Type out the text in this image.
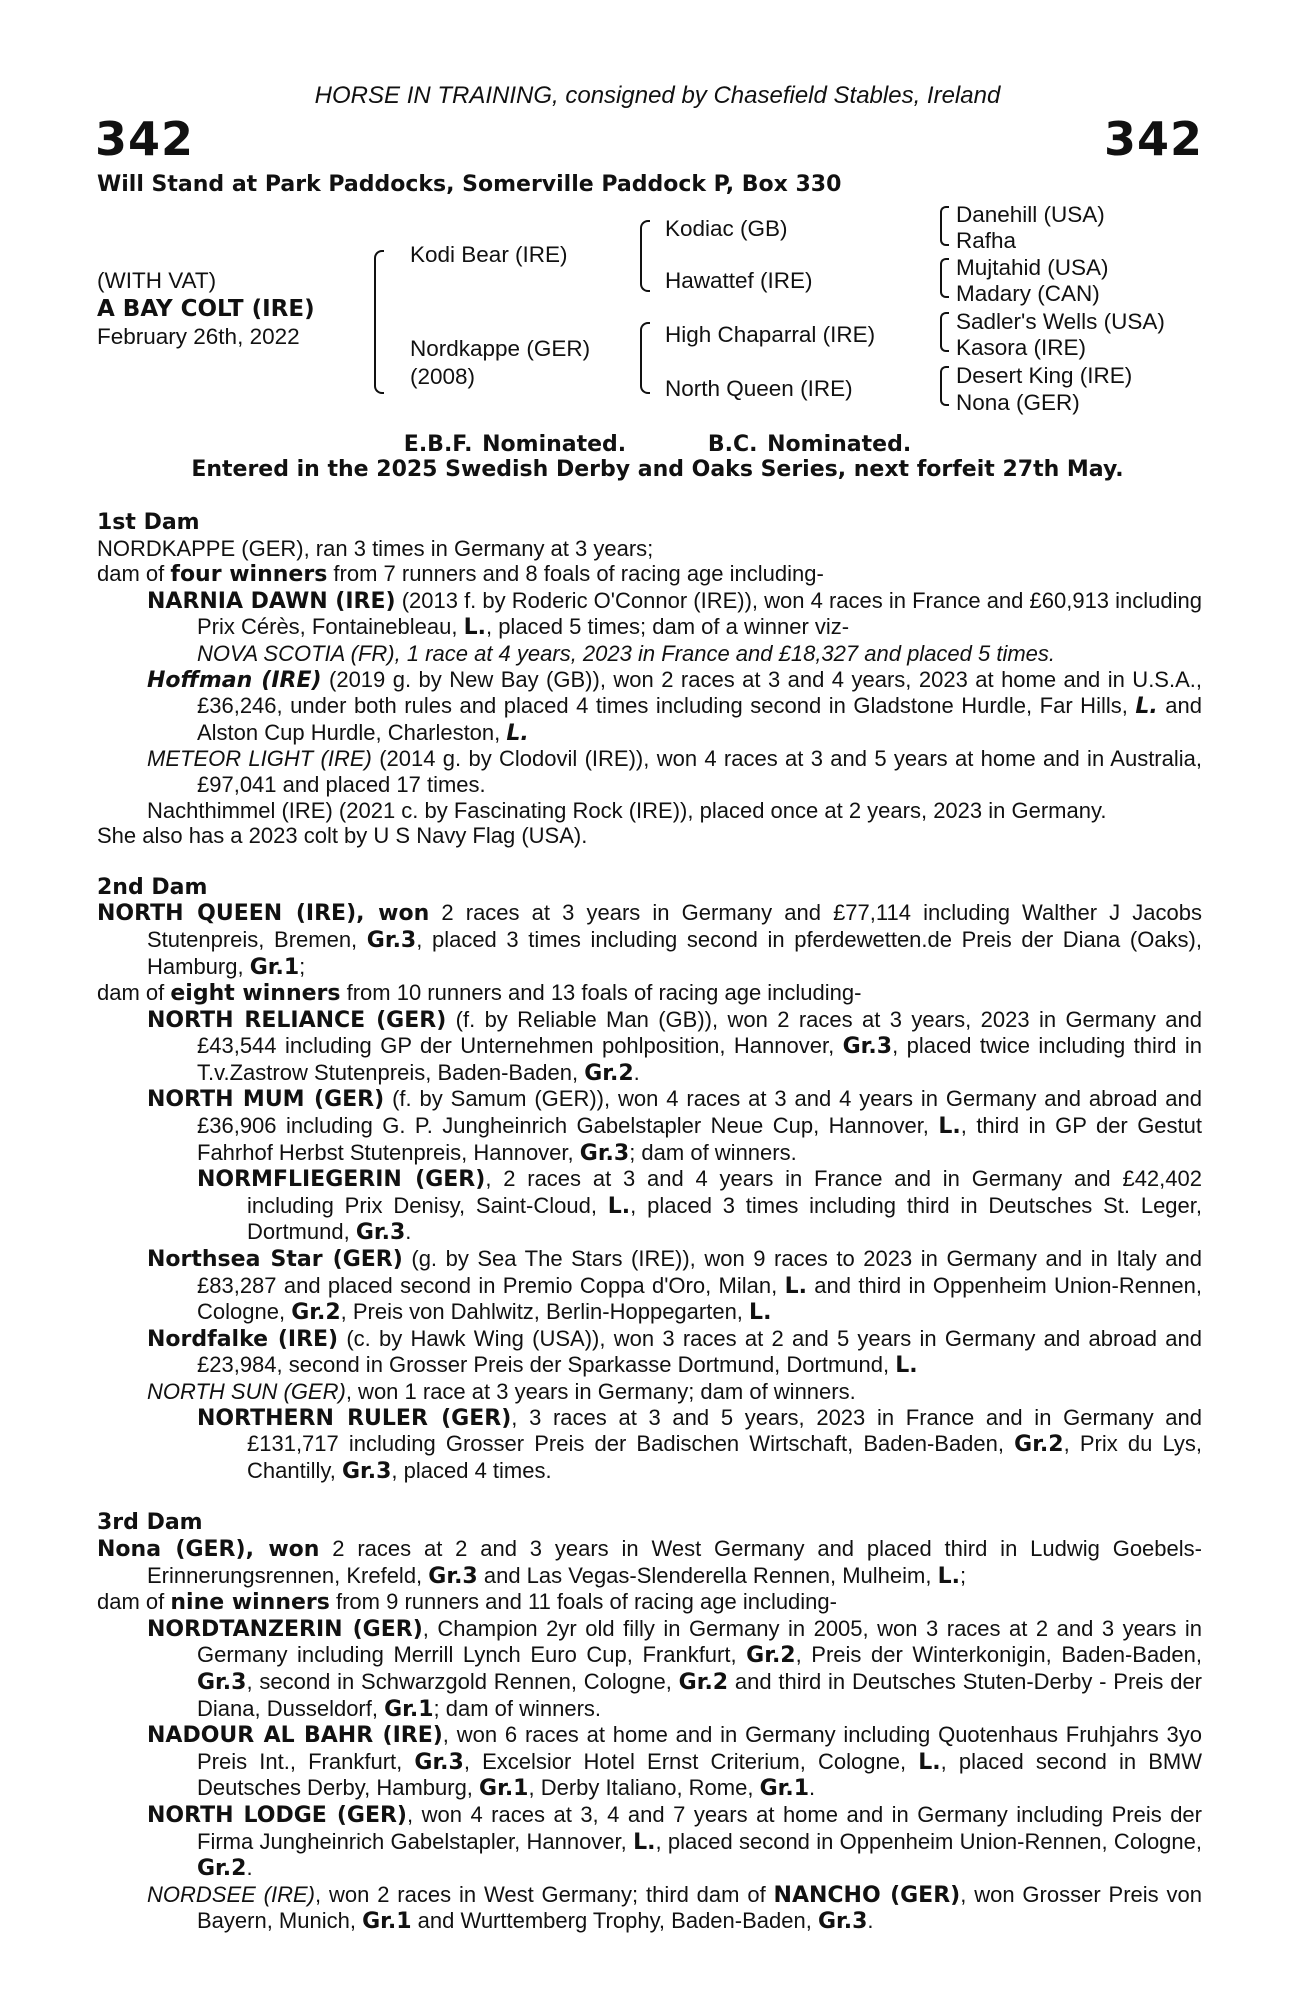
HORSE IN TRAINING, consigned by Chasefield Stables, Ireland
342	342
Will Stand at Park Paddocks, Somerville Paddock P, Box 330
(WITH VAT)
A BAY COLT (IRE)
February 26th, 2022
Kodi Bear (IRE)
Nordkappe (GER)
(2008)
Kodiac (GB)
Hawattef (IRE)
High Chaparral (IRE)
North Queen (IRE)
Danehill (USA)
Rafha
Mujtahid (USA)
Madary (CAN)
Sadler's Wells (USA)
Kasora (IRE)
Desert King (IRE)
Nona (GER)
E.B.F. Nominated.	B.C. Nominated.
Entered in the 2025 Swedish Derby and Oaks Series, next forfeit 27th May.

1st Dam

NORDKAPPE (GER), ran 3 times in Germany at 3 years;

dam of four winners from 7 runners and 8 foals of racing age including-

NARNIA DAWN (IRE) (2013 f. by Roderic O'Connor (IRE)), won 4 races in France and £60,913 including Prix Cérès, Fontainebleau, L., placed 5 times; dam of a winner viz-

NOVA SCOTIA (FR), 1 race at 4 years, 2023 in France and £18,327 and placed 5 times.

Hoffman (IRE) (2019 g. by New Bay (GB)), won 2 races at 3 and 4 years, 2023 at home and in U.S.A., £36,246, under both rules and placed 4 times including second in Gladstone Hurdle, Far Hills, L. and Alston Cup Hurdle, Charleston, L.

METEOR LIGHT (IRE) (2014 g. by Clodovil (IRE)), won 4 races at 3 and 5 years at home and in Australia, £97,041 and placed 17 times.

Nachthimmel (IRE) (2021 c. by Fascinating Rock (IRE)), placed once at 2 years, 2023 in Germany.

She also has a 2023 colt by U S Navy Flag (USA).

2nd Dam

NORTH QUEEN (IRE), won 2 races at 3 years in Germany and £77,114 including Walther J Jacobs Stutenpreis, Bremen, Gr.3, placed 3 times including second in pferdewetten.de Preis der Diana (Oaks), Hamburg, Gr.1;

dam of eight winners from 10 runners and 13 foals of racing age including-

NORTH RELIANCE (GER) (f. by Reliable Man (GB)), won 2 races at 3 years, 2023 in Germany and £43,544 including GP der Unternehmen pohlposition, Hannover, Gr.3, placed twice including third in T.v.Zastrow Stutenpreis, Baden-Baden, Gr.2.

NORTH MUM (GER) (f. by Samum (GER)), won 4 races at 3 and 4 years in Germany and abroad and £36,906 including G. P. Jungheinrich Gabelstapler Neue Cup, Hannover, L., third in GP der Gestut Fahrhof Herbst Stutenpreis, Hannover, Gr.3; dam of winners.

NORMFLIEGERIN (GER), 2 races at 3 and 4 years in France and in Germany and £42,402 including Prix Denisy, Saint-Cloud, L., placed 3 times including third in Deutsches St. Leger, Dortmund, Gr.3.

Northsea Star (GER) (g. by Sea The Stars (IRE)), won 9 races to 2023 in Germany and in Italy and £83,287 and placed second in Premio Coppa d'Oro, Milan, L. and third in Oppenheim Union-Rennen, Cologne, Gr.2, Preis von Dahlwitz, Berlin-Hoppegarten, L.

Nordfalke (IRE) (c. by Hawk Wing (USA)), won 3 races at 2 and 5 years in Germany and abroad and £23,984, second in Grosser Preis der Sparkasse Dortmund, Dortmund, L.

NORTH SUN (GER), won 1 race at 3 years in Germany; dam of winners.

NORTHERN RULER (GER), 3 races at 3 and 5 years, 2023 in France and in Germany and £131,717 including Grosser Preis der Badischen Wirtschaft, Baden-Baden, Gr.2, Prix du Lys, Chantilly, Gr.3, placed 4 times.

3rd Dam

Nona (GER), won 2 races at 2 and 3 years in West Germany and placed third in Ludwig Goebels-Erinnerungsrennen, Krefeld, Gr.3 and Las Vegas-Slenderella Rennen, Mulheim, L.;

dam of nine winners from 9 runners and 11 foals of racing age including-

NORDTANZERIN (GER), Champion 2yr old filly in Germany in 2005, won 3 races at 2 and 3 years in Germany including Merrill Lynch Euro Cup, Frankfurt, Gr.2, Preis der Winterkonigin, Baden-Baden, Gr.3, second in Schwarzgold Rennen, Cologne, Gr.2 and third in Deutsches Stuten-Derby - Preis der Diana, Dusseldorf, Gr.1; dam of winners.

NADOUR AL BAHR (IRE), won 6 races at home and in Germany including Quotenhaus Fruhjahrs 3yo Preis Int., Frankfurt, Gr.3, Excelsior Hotel Ernst Criterium, Cologne, L., placed second in BMW Deutsches Derby, Hamburg, Gr.1, Derby Italiano, Rome, Gr.1.

NORTH LODGE (GER), won 4 races at 3, 4 and 7 years at home and in Germany including Preis der Firma Jungheinrich Gabelstapler, Hannover, L., placed second in Oppenheim Union-Rennen, Cologne, Gr.2.

NORDSEE (IRE), won 2 races in West Germany; third dam of NANCHO (GER), won Grosser Preis von Bayern, Munich, Gr.1 and Wurttemberg Trophy, Baden-Baden, Gr.3.
